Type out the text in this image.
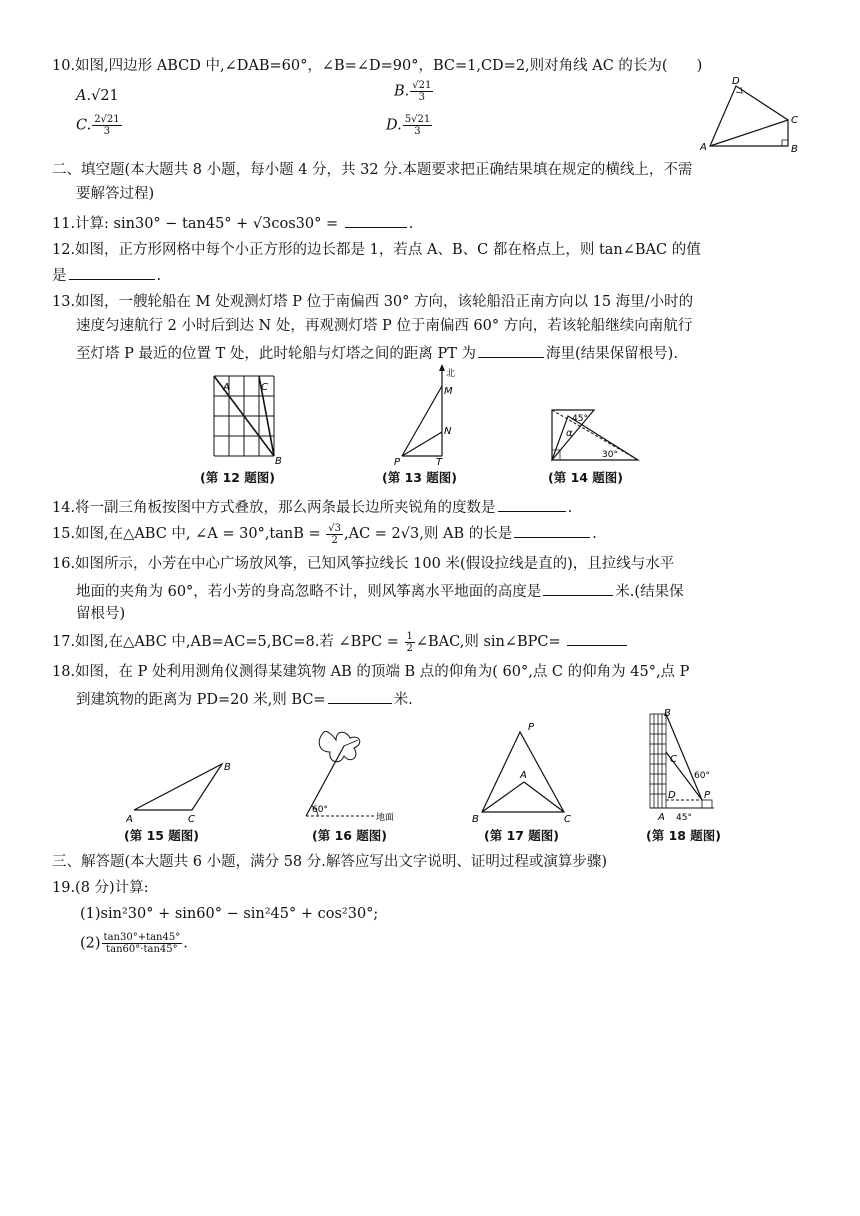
10.如图,四边形 ABCD 中,∠DAB=60°，∠B=∠D=90°，BC=1,CD=2,则对角线 AC 的长为(　　)
A.√21	B. $\frac{√21}{3}$
C. $\frac{2√21}{3}$	D. $\frac{5√21}{3}$
A
D
C
B
二、填空题(本大题共 8 小题，每小题 4 分，共 32 分.本题要求把正确结果填在规定的横线上，不需
要解答过程)
11.计算: sin30° − tan45° + √3cos30° =	.
12.如图，正方形网格中每个小正方形的边长都是 1，若点 A、B、C 都在格点上，则 tan∠BAC 的值
是	.
13.如图，一艘轮船在 M 处观测灯塔 P 位于南偏西 30° 方向，该轮船沿正南方向以 15 海里/小时的
速度匀速航行 2 小时后到达 N 处，再观测灯塔 P 位于南偏西 60° 方向，若该轮船继续向南航行
至灯塔 P 最近的位置 T 处，此时轮船与灯塔之间的距离 PT 为	海里(结果保留根号).
A	C
B
(第 12 题图)
北
M
N
P	T
(第 13 题图)
45°
α
30°
(第 14 题图)
14.将一副三角板按图中方式叠放，那么两条最长边所夹锐角的度数是	.
15.如图,在△ABC 中, ∠A = $30^\circ,\tan B = \frac{√3}{2} ,AC = 2√3$,则 AB 的长是	.
16.如图所示，小芳在中心广场放风筝，已知风筝拉线长 100 米(假设拉线是直的)，且拉线与水平
地面的夹角为 60°，若小芳的身高忽略不计，则风筝离水平地面的高度是	米.(结果保
留根号)
17.如图,在△ABC 中,AB=AC=5,BC=8.若 ∠BPC = $\frac{1}{2}$ ∠BAC,则 sin∠BPC=
18.如图，在 P 处利用测角仪测得某建筑物 AB 的顶端 B 点的仰角为( 60°,点 C 的仰角为 45°,点 P
到建筑物的距离为 PD=20 米,则 BC=	米.
A	C
B
(第 15 题图)
60°
地面
(第 16 题图)
P
A
B	C
(第 17 题图)
B
C
D
A
P
60°
45°
(第 18 题图)
三、解答题(本大题共 6 小题，满分 58 分.解答应写出文字说明、证明过程或演算步骤)
19.(8 分)计算:
(1)sin²30° + sin60° − sin²45° + cos²30°;
$(2) \frac{\tan 30^\circ+\tan 45^\circ}{\tan 60^\circ\cdot\tan 45^\circ}$ .
